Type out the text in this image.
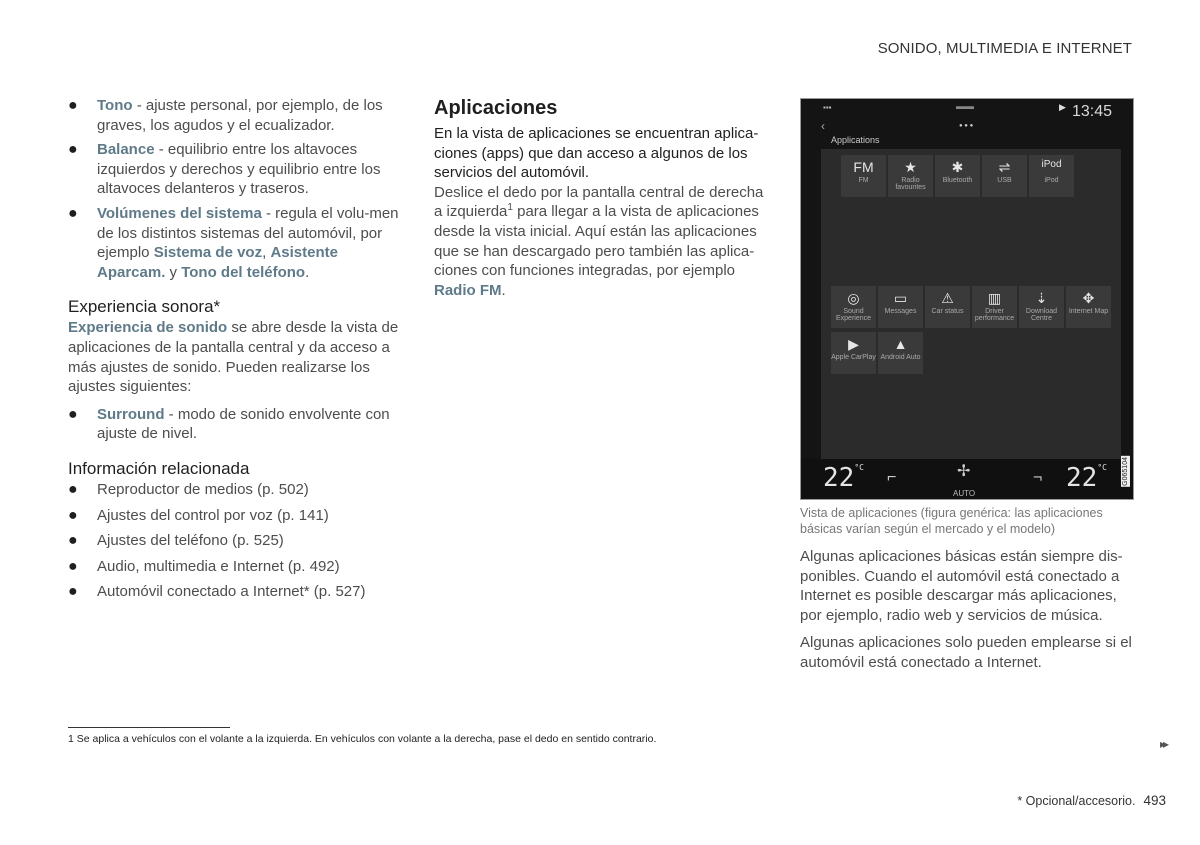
SONIDO, MULTIMEDIA E INTERNET
● Tono - ajuste personal, por ejemplo, de los graves, los agudos y el ecualizador.
● Balance - equilibrio entre los altavoces izquierdos y derechos y equilibrio entre los altavoces delanteros y traseros.
● Volúmenes del sistema - regula el volu-men de los distintos sistemas del automóvil, por ejemplo Sistema de voz, Asistente Aparcam. y Tono del teléfono.
Experiencia sonora*

Experiencia de sonido se abre desde la vista de aplicaciones de la pantalla central y da acceso a más ajustes de sonido. Pueden realizarse los ajustes siguientes:

● Surround - modo de sonido envolvente con ajuste de nivel.
Información relacionada
● Reproductor de medios (p. 502)
● Ajustes del control por voz (p. 141)
● Ajustes del teléfono (p. 525)
● Audio, multimedia e Internet (p. 492)
● Automóvil conectado a Internet* (p. 527)
Aplicaciones

En la vista de aplicaciones se encuentran aplica-ciones (apps) que dan acceso a algunos de los servicios del automóvil.

Deslice el dedo por la pantalla central de derecha a izquierda$^1$ para llegar a la vista de aplicaciones desde la vista inicial. Aquí están las aplicaciones que se han descargado pero también las aplica-ciones con funciones integradas, por ejemplo Radio FM.

▪▪▪	▬▬	▶ 13:45
‹	● ● ●
Applications
FM
FM
★
Radio favourites
✱
Bluetooth
⇌
USB
iPod
iPod
◎
Sound Experience
▭
Messages
⚠
Car status
▥
Driver performance
⇣
Download Centre
✥
Internet Map
▶
Apple CarPlay
▲
Android Auto
$22^{^\circ C}$
⌐	✢
AUTO
¬ $22^{^\circ C}$ G065104
Vista de aplicaciones (figura genérica: las aplicaciones básicas varían según el mercado y el modelo)

Algunas aplicaciones básicas están siempre dis-ponibles. Cuando el automóvil está conectado a Internet es posible descargar más aplicaciones, por ejemplo, radio web y servicios de música.

Algunas aplicaciones solo pueden emplearse si el automóvil está conectado a Internet.

1 Se aplica a vehículos con el volante a la izquierda. En vehículos con volante a la derecha, pase el dedo en sentido contrario.	▸▸
* Opcional/accesorio. 493
